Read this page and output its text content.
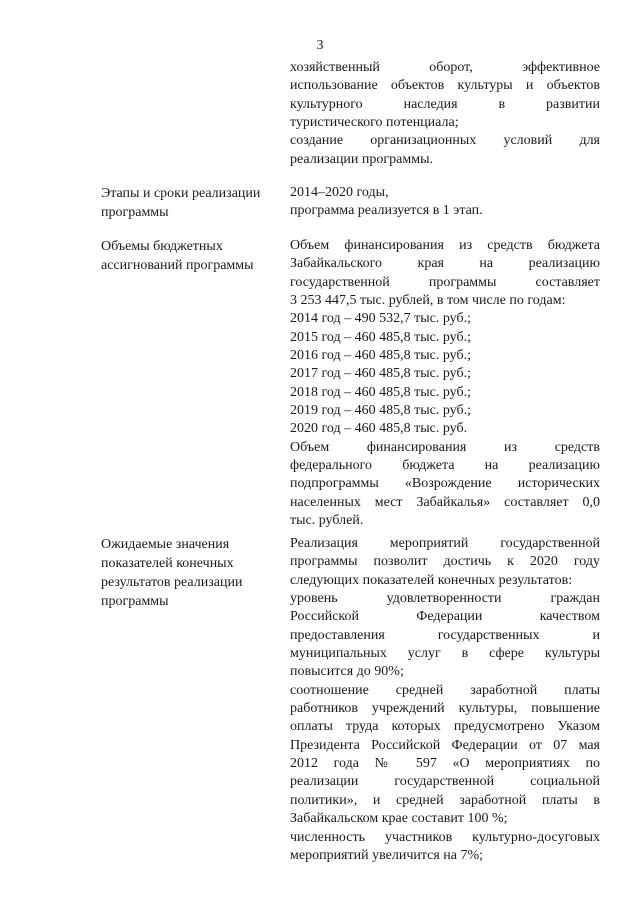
3
хозяйственный оборот, эффективное
использование объектов культуры и объектов
культурного наследия в развитии
туристического потенциала;
создание организационных условий для
реализации программы.
Этапы и сроки реализации
программы
2014–2020 годы,
программа реализуется в 1 этап.
Объемы бюджетных
ассигнований программы
Объем финансирования из средств бюджета
Забайкальского края на реализацию
государственной программы составляет
3 253 447,5 тыс. рублей, в том числе по годам:
2014 год – 490 532,7 тыс. руб.;
2015 год – 460 485,8 тыс. руб.;
2016 год – 460 485,8 тыс. руб.;
2017 год – 460 485,8 тыс. руб.;
2018 год – 460 485,8 тыс. руб.;
2019 год – 460 485,8 тыс. руб.;
2020 год – 460 485,8 тыс. руб.
Объем финансирования из средств
федерального бюджета на реализацию
подпрограммы «Возрождение исторических
населенных мест Забайкалья» составляет 0,0
тыс. рублей.
Ожидаемые значения
показателей конечных
результатов реализации
программы
Реализация мероприятий государственной
программы позволит достичь к 2020 году
следующих показателей конечных результатов:
уровень удовлетворенности граждан
Российской Федерации качеством
предоставления государственных и
муниципальных услуг в сфере культуры
повысится до 90%;
соотношение средней заработной платы
работников учреждений культуры, повышение
оплаты труда которых предусмотрено Указом
Президента Российской Федерации от 07 мая
2012 года № 597 «О мероприятиях по
реализации государственной социальной
политики», и средней заработной платы в
Забайкальском крае составит 100 %;
численность участников культурно-досуговых
мероприятий увеличится на 7%;
